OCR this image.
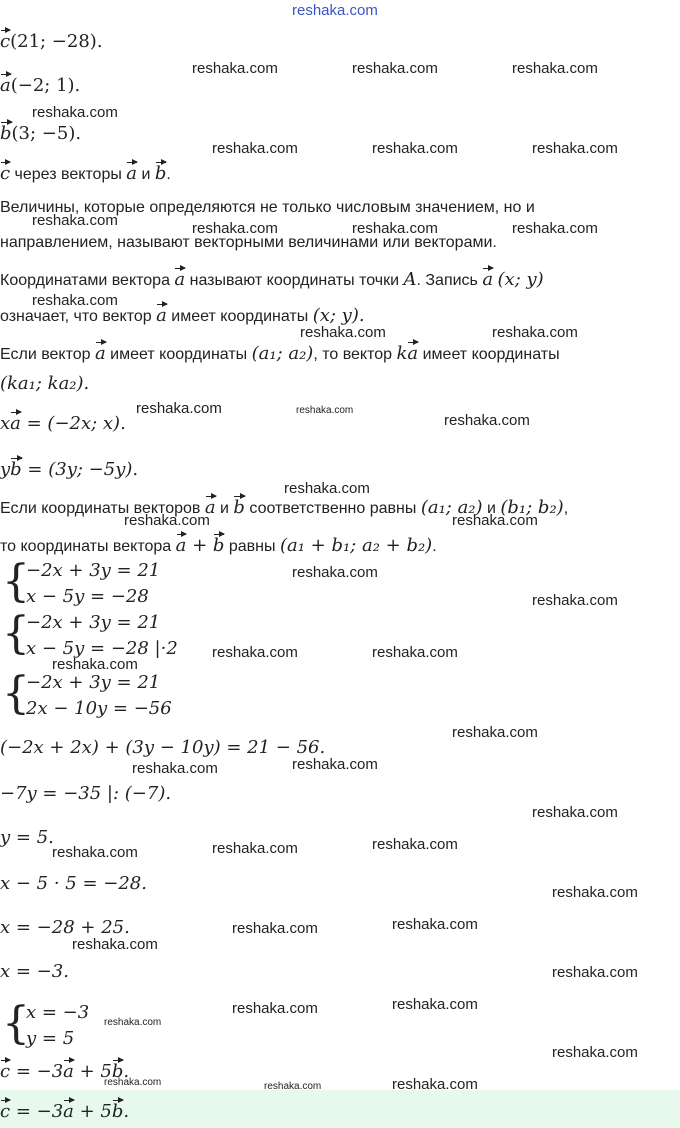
reshaka.com
c(21; −28).
a(−2; 1).
b(3; −5).
c через векторы a и b.
Величины, которые определяются не только числовым значением, но и
направлением, называют векторными величинами или векторами.
Координатами вектора a называют координаты точки A. Запись a (x; y)
означает, что вектор a имеет координаты (x; y).
Если вектор a имеет координаты (a₁; a₂), то вектор ka имеет координаты
(ka₁; ka₂).
xa = (−2x; x).
yb = (3y; −5y).
Если координаты векторов a и b соответственно равны (a₁; a₂) и (b₁; b₂),
то координаты вектора a + b равны (a₁ + b₁; a₂ + b₂).
{
−2x + 3y = 21
x − 5y = −28
{
−2x + 3y = 21
x − 5y = −28 |·2
{
−2x + 3y = 21
2x − 10y = −56
(−2x + 2x) + (3y − 10y) = 21 − 56.
−7y = −35 |: (−7).
y = 5.
x − 5 · 5 = −28.
x = −28 + 25.
x = −3.
{
x = −3
y = 5
c = −3a + 5b.
c = −3a + 5b.
reshaka.com	reshaka.com	reshaka.com
reshaka.com
reshaka.com	reshaka.com	reshaka.com
reshaka.com	reshaka.com	reshaka.com	reshaka.com
reshaka.com
reshaka.com	reshaka.com
reshaka.com	reshaka.com
reshaka.com
reshaka.com
reshaka.com	reshaka.com
reshaka.com
reshaka.com
reshaka.com	reshaka.com
reshaka.com
reshaka.com
reshaka.com	reshaka.com
reshaka.com
reshaka.com	reshaka.com	reshaka.com
reshaka.com
reshaka.com	reshaka.com
reshaka.com
reshaka.com
reshaka.com	reshaka.com
reshaka.com
reshaka.com
reshaka.com	reshaka.com	reshaka.com
